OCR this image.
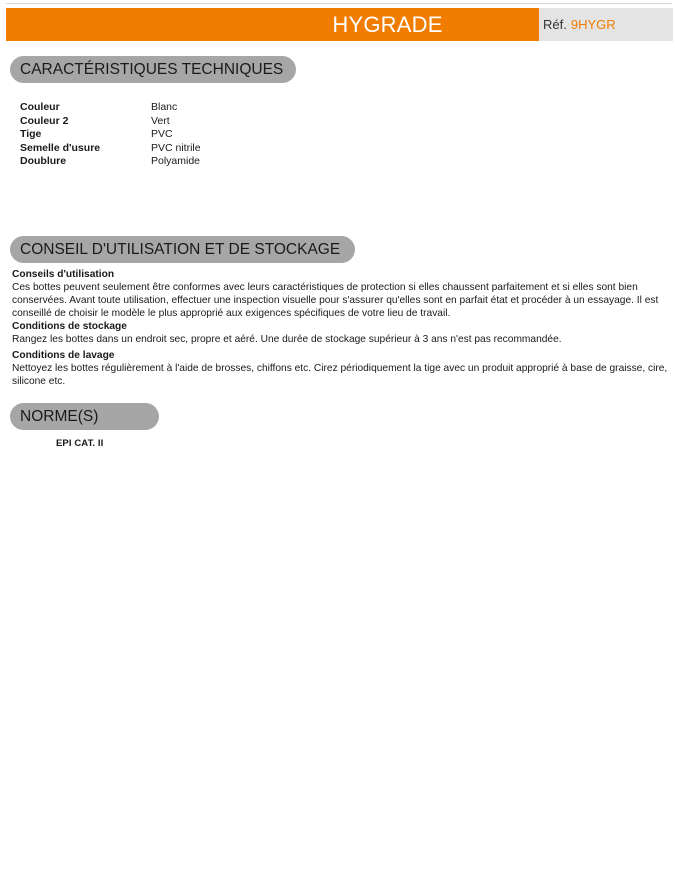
HYGRADE	Réf. 9HYGR
CARACTÉRISTIQUES TECHNIQUES
Couleur	Blanc
Couleur 2	Vert
Tige	PVC
Semelle d'usure	PVC nitrile
Doublure	Polyamide
CONSEIL D'UTILISATION ET DE STOCKAGE
Conseils d'utilisation

Ces bottes peuvent seulement être conformes avec leurs caractéristiques de protection si elles chaussent parfaitement et si elles sont bien conservées. Avant toute utilisation, effectuer une inspection visuelle pour s'assurer qu'elles sont en parfait état et procéder à un essayage. Il est conseillé de choisir le modèle le plus approprié aux exigences spécifiques de votre lieu de travail.

Conditions de stockage

Rangez les bottes dans un endroit sec, propre et aéré. Une durée de stockage supérieur à 3 ans n'est pas recommandée.

Conditions de lavage

Nettoyez les bottes régulièrement à l'aide de brosses, chiffons etc. Cirez périodiquement la tige avec un produit approprié à base de graisse, cire, silicone etc.

NORME(S)
EPI CAT. II
